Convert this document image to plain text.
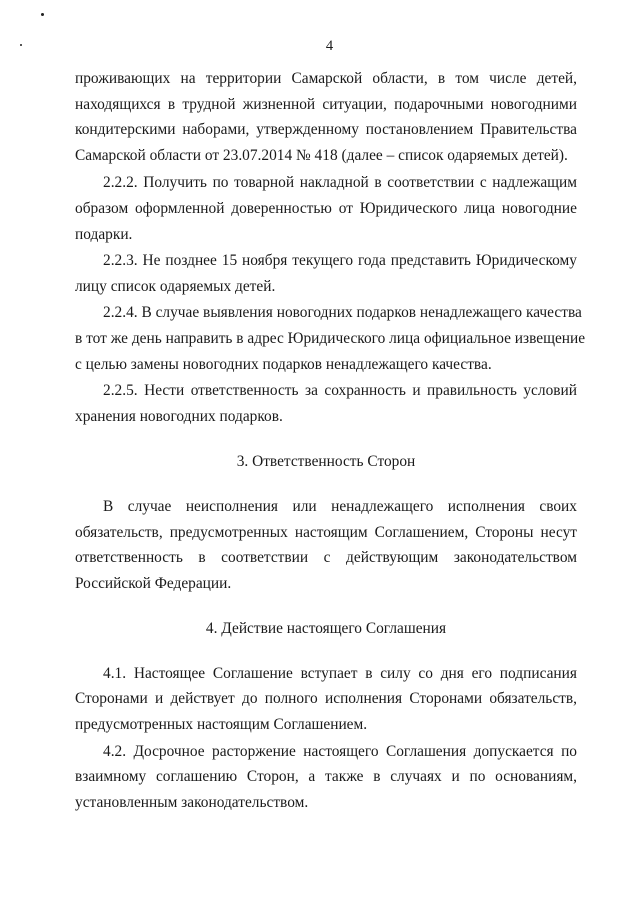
4
проживающих на территории Самарской области, в том числе детей,
находящихся в трудной жизненной ситуации, подарочными новогодними
кондитерскими наборами, утвержденному постановлением Правительства
Самарской области от 23.07.2014 № 418 (далее – список одаряемых детей).
2.2.2. Получить по товарной накладной в соответствии с надлежащим
образом оформленной доверенностью от Юридического лица новогодние
подарки.
2.2.3. Не позднее 15 ноября текущего года представить Юридическому
лицу список одаряемых детей.
2.2.4. В случае выявления новогодних подарков ненадлежащего качества
в тот же день направить в адрес Юридического лица официальное извещение
с целью замены новогодних подарков ненадлежащего качества.
2.2.5. Нести ответственность за сохранность и правильность условий
хранения новогодних подарков.
3. Ответственность Сторон
В случае неисполнения или ненадлежащего исполнения своих
обязательств, предусмотренных настоящим Соглашением, Стороны несут
ответственность в соответствии с действующим законодательством
Российской Федерации.
4. Действие настоящего Соглашения
4.1. Настоящее Соглашение вступает в силу со дня его подписания
Сторонами и действует до полного исполнения Сторонами обязательств,
предусмотренных настоящим Соглашением.
4.2. Досрочное расторжение настоящего Соглашения допускается по
взаимному соглашению Сторон, а также в случаях и по основаниям,
установленным законодательством.
